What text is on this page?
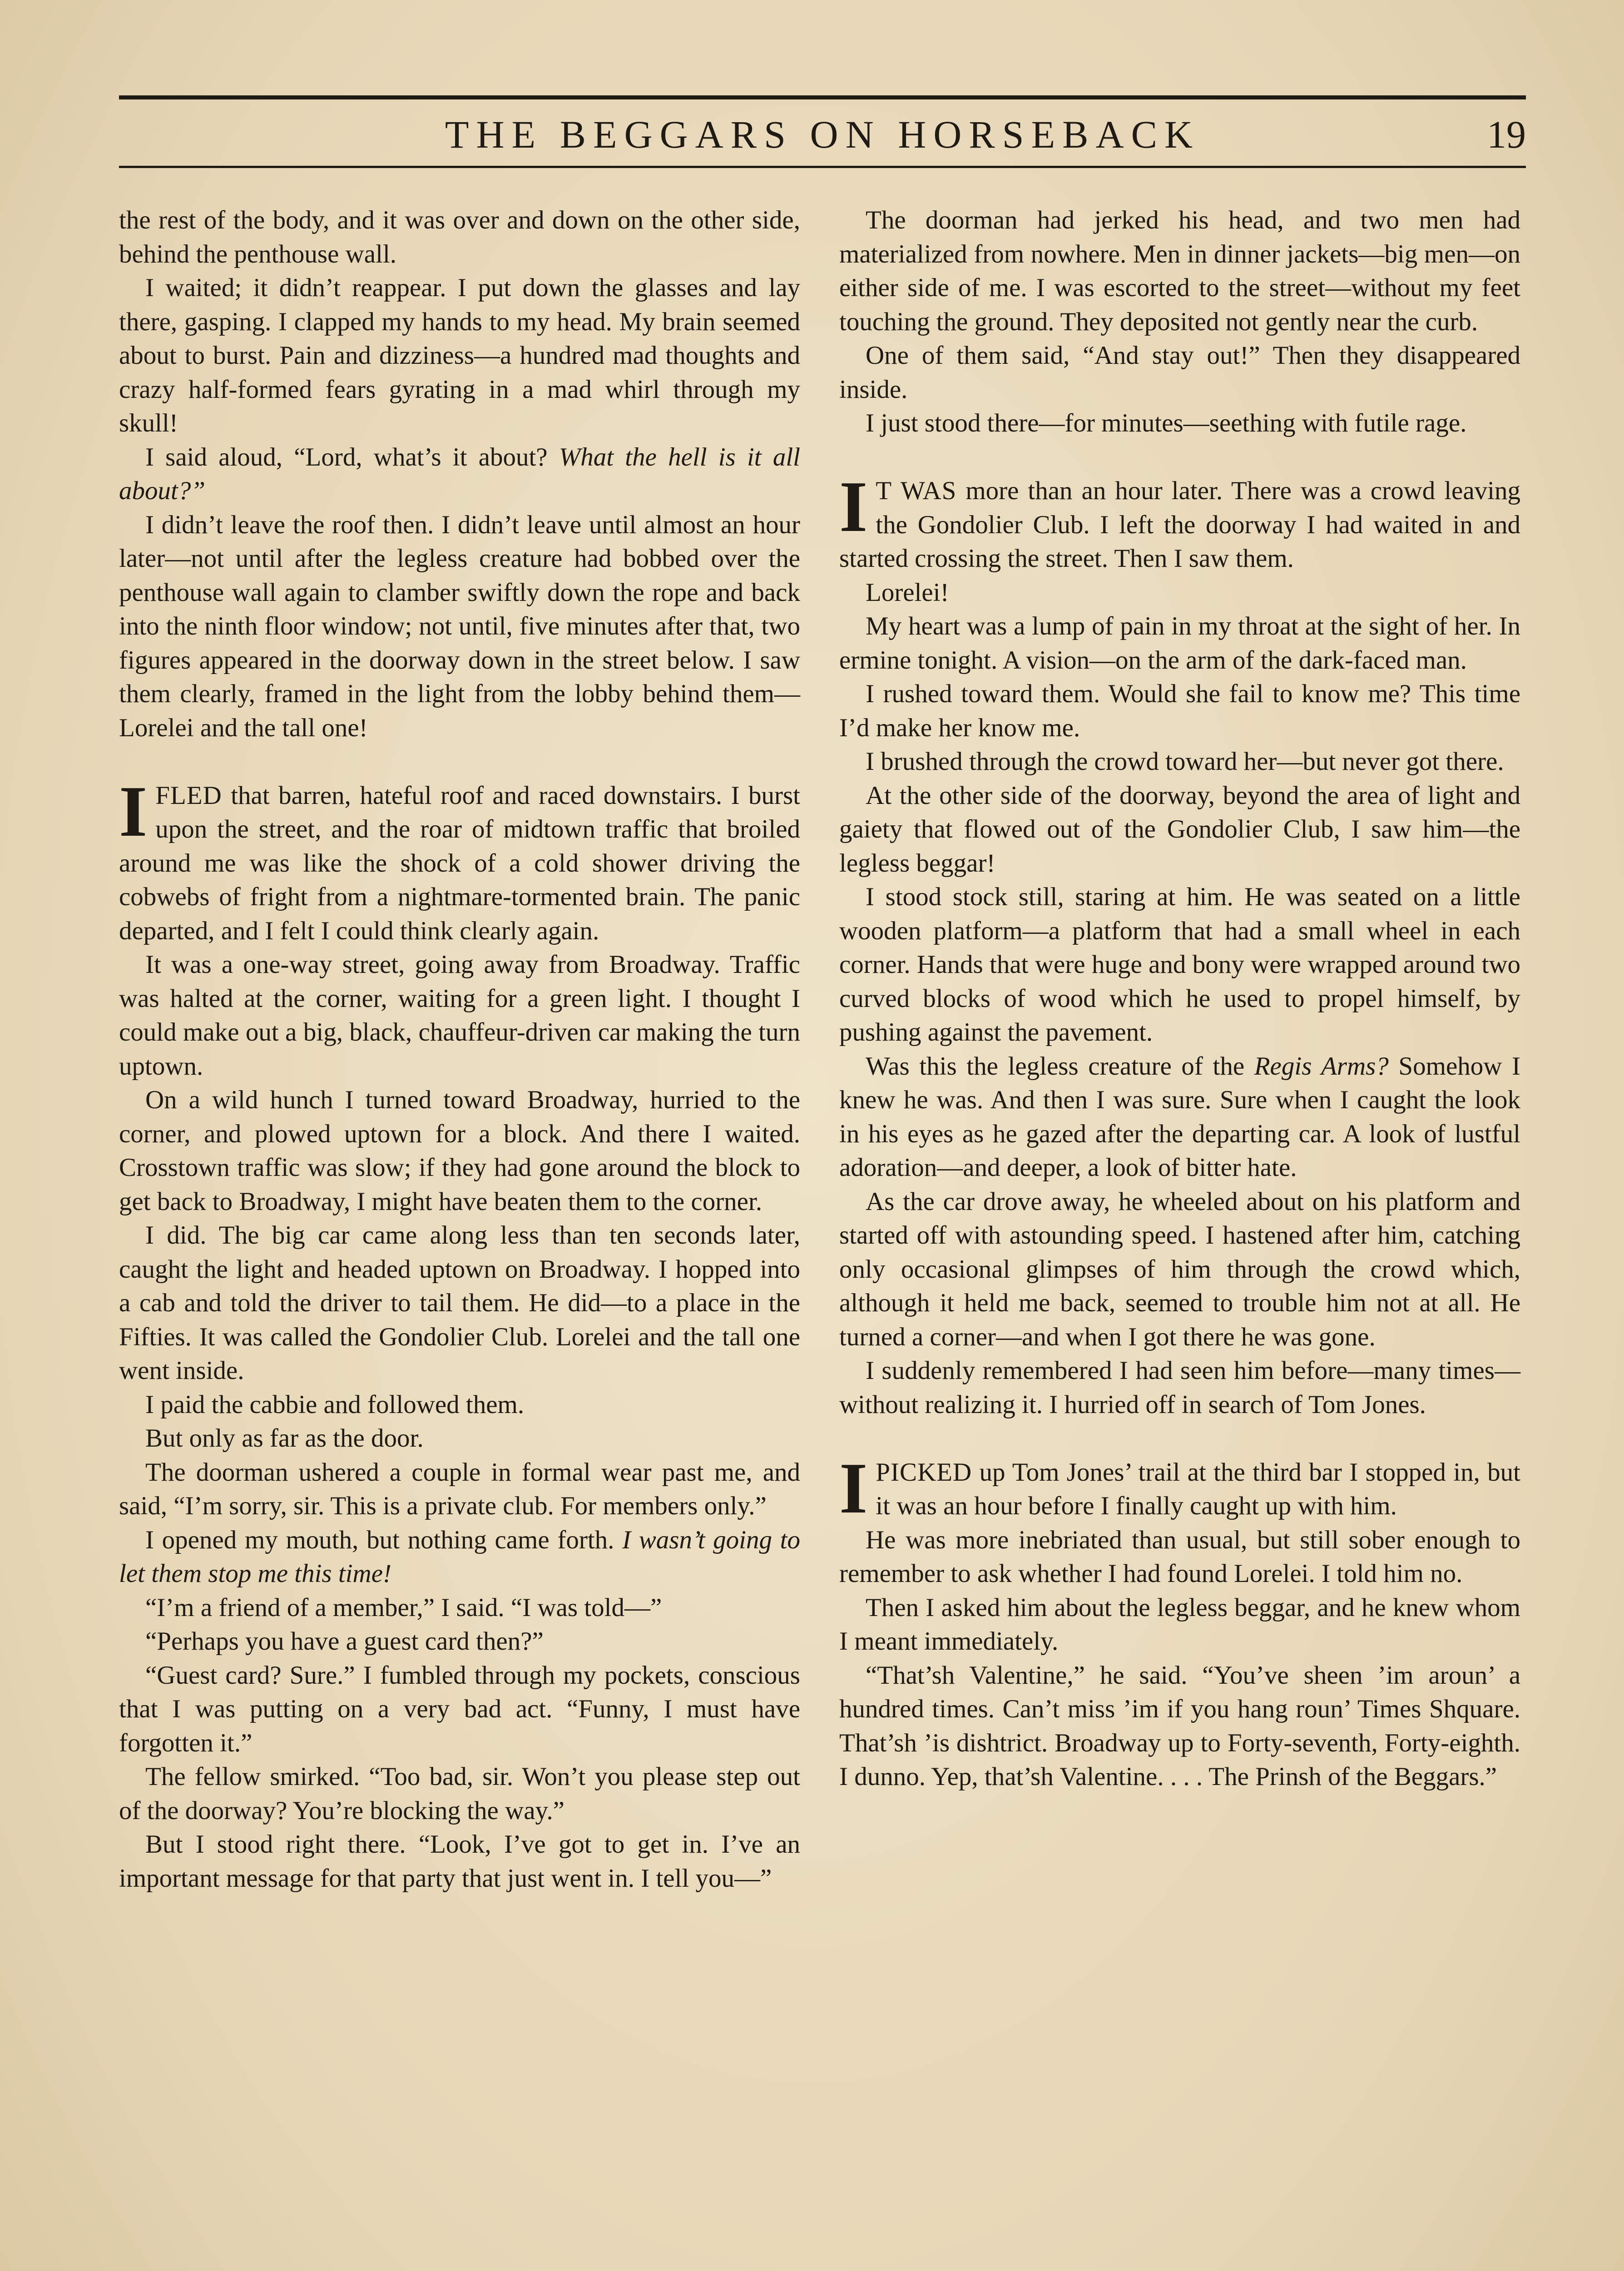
THE BEGGARS ON HORSEBACK	19

the rest of the body, and it was over and down on the other side, behind the penthouse wall.

I waited; it didn’t reappear. I put down the glasses and lay there, gasping. I clapped my hands to my head. My brain seemed about to burst. Pain and dizziness—a hundred mad thoughts and crazy half-formed fears gyrating in a mad whirl through my skull!

I said aloud, “Lord, what’s it about? What the hell is it all about?”

I didn’t leave the roof then. I didn’t leave until almost an hour later—not until after the legless creature had bobbed over the penthouse wall again to clamber swiftly down the rope and back into the ninth floor window; not until, five minutes after that, two figures appeared in the doorway down in the street below. I saw them clearly, framed in the light from the lobby behind them—Lorelei and the tall one!

I FLED that barren, hateful roof and raced downstairs. I burst upon the street, and the roar of midtown traffic that broiled around me was like the shock of a cold shower driving the cobwebs of fright from a nightmare-tormented brain. The panic departed, and I felt I could think clearly again.

It was a one-way street, going away from Broadway. Traffic was halted at the corner, waiting for a green light. I thought I could make out a big, black, chauffeur-driven car making the turn uptown.

On a wild hunch I turned toward Broadway, hurried to the corner, and plowed uptown for a block. And there I waited. Crosstown traffic was slow; if they had gone around the block to get back to Broadway, I might have beaten them to the corner.

I did. The big car came along less than ten seconds later, caught the light and headed uptown on Broadway. I hopped into a cab and told the driver to tail them. He did—to a place in the Fifties. It was called the Gondolier Club. Lorelei and the tall one went inside.

I paid the cabbie and followed them.

But only as far as the door.

The doorman ushered a couple in formal wear past me, and said, “I’m sorry, sir. This is a private club. For members only.”

I opened my mouth, but nothing came forth. I wasn’t going to let them stop me this time!

“I’m a friend of a member,” I said. “I was told—”

“Perhaps you have a guest card then?”

“Guest card? Sure.” I fumbled through my pockets, conscious that I was putting on a very bad act. “Funny, I must have forgotten it.”

The fellow smirked. “Too bad, sir. Won’t you please step out of the doorway? You’re blocking the way.”

But I stood right there. “Look, I’ve got to get in. I’ve an important message for that party that just went in. I tell you—”

The doorman had jerked his head, and two men had materialized from nowhere. Men in dinner jackets—big men—on either side of me. I was escorted to the street—without my feet touching the ground. They deposited not gently near the curb.

One of them said, “And stay out!” Then they disappeared inside.

I just stood there—for minutes—seething with futile rage.

I T WAS more than an hour later. There was a crowd leaving the Gondolier Club. I left the doorway I had waited in and started crossing the street. Then I saw them.

Lorelei!

My heart was a lump of pain in my throat at the sight of her. In ermine tonight. A vision—on the arm of the dark-faced man.

I rushed toward them. Would she fail to know me? This time I’d make her know me.

I brushed through the crowd toward her—but never got there.

At the other side of the doorway, beyond the area of light and gaiety that flowed out of the Gondolier Club, I saw him—the legless beggar!

I stood stock still, staring at him. He was seated on a little wooden platform—a platform that had a small wheel in each corner. Hands that were huge and bony were wrapped around two curved blocks of wood which he used to propel himself, by pushing against the pavement.

Was this the legless creature of the Regis Arms? Somehow I knew he was. And then I was sure. Sure when I caught the look in his eyes as he gazed after the departing car. A look of lustful adoration—and deeper, a look of bitter hate.

As the car drove away, he wheeled about on his platform and started off with astounding speed. I hastened after him, catching only occasional glimpses of him through the crowd which, although it held me back, seemed to trouble him not at all. He turned a corner—and when I got there he was gone.

I suddenly remembered I had seen him before—many times—without realizing it. I hurried off in search of Tom Jones.

I PICKED up Tom Jones’ trail at the third bar I stopped in, but it was an hour before I finally caught up with him.

He was more inebriated than usual, but still sober enough to remember to ask whether I had found Lorelei. I told him no.

Then I asked him about the legless beggar, and he knew whom I meant immediately.

“That’sh Valentine,” he said. “You’ve sheen ’im aroun’ a hundred times. Can’t miss ’im if you hang roun’ Times Shquare. That’sh ’is dishtrict. Broadway up to Forty-seventh, Forty-eighth. I dunno. Yep, that’sh Valentine. . . . The Prinsh of the Beggars.”
